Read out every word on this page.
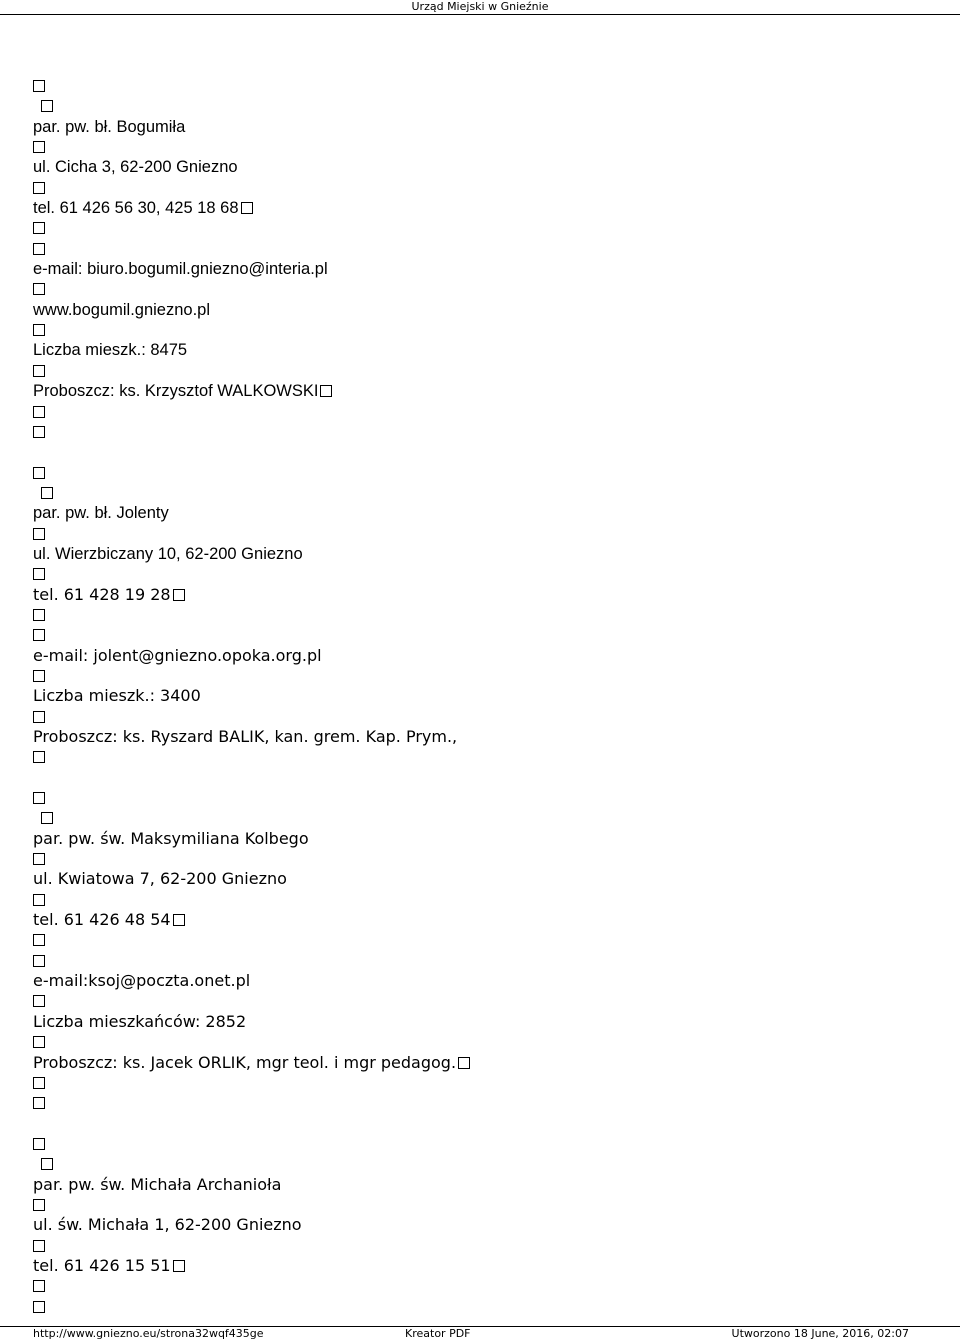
Urząd Miejski w Gnieźnie
par. pw. bł. Bogumiła
ul. Cicha 3, 62-200 Gniezno
tel. 61 426 56 30, 425 18 68
e-mail: biuro.bogumil.gniezno@interia.pl
www.bogumil.gniezno.pl
Liczba mieszk.: 8475
Proboszcz: ks. Krzysztof WALKOWSKI
par. pw. bł. Jolenty
ul. Wierzbiczany 10, 62-200 Gniezno
tel. 61 428 19 28
e-mail: jolent@gniezno.opoka.org.pl
Liczba mieszk.: 3400
Proboszcz: ks. Ryszard BALIK, kan. grem. Kap. Prym.,
par. pw. św. Maksymiliana Kolbego
ul. Kwiatowa 7, 62-200 Gniezno
tel. 61 426 48 54
e-mail:ksoj@poczta.onet.pl
Liczba mieszkańców: 2852
Proboszcz: ks. Jacek ORLIK, mgr teol. i mgr pedagog.
par. pw. św. Michała Archanioła
ul. św. Michała 1, 62-200 Gniezno
tel. 61 426 15 51
http://www.gniezno.eu/strona32wqf435ge	Kreator PDF	Utworzono 18 June, 2016, 02:07
